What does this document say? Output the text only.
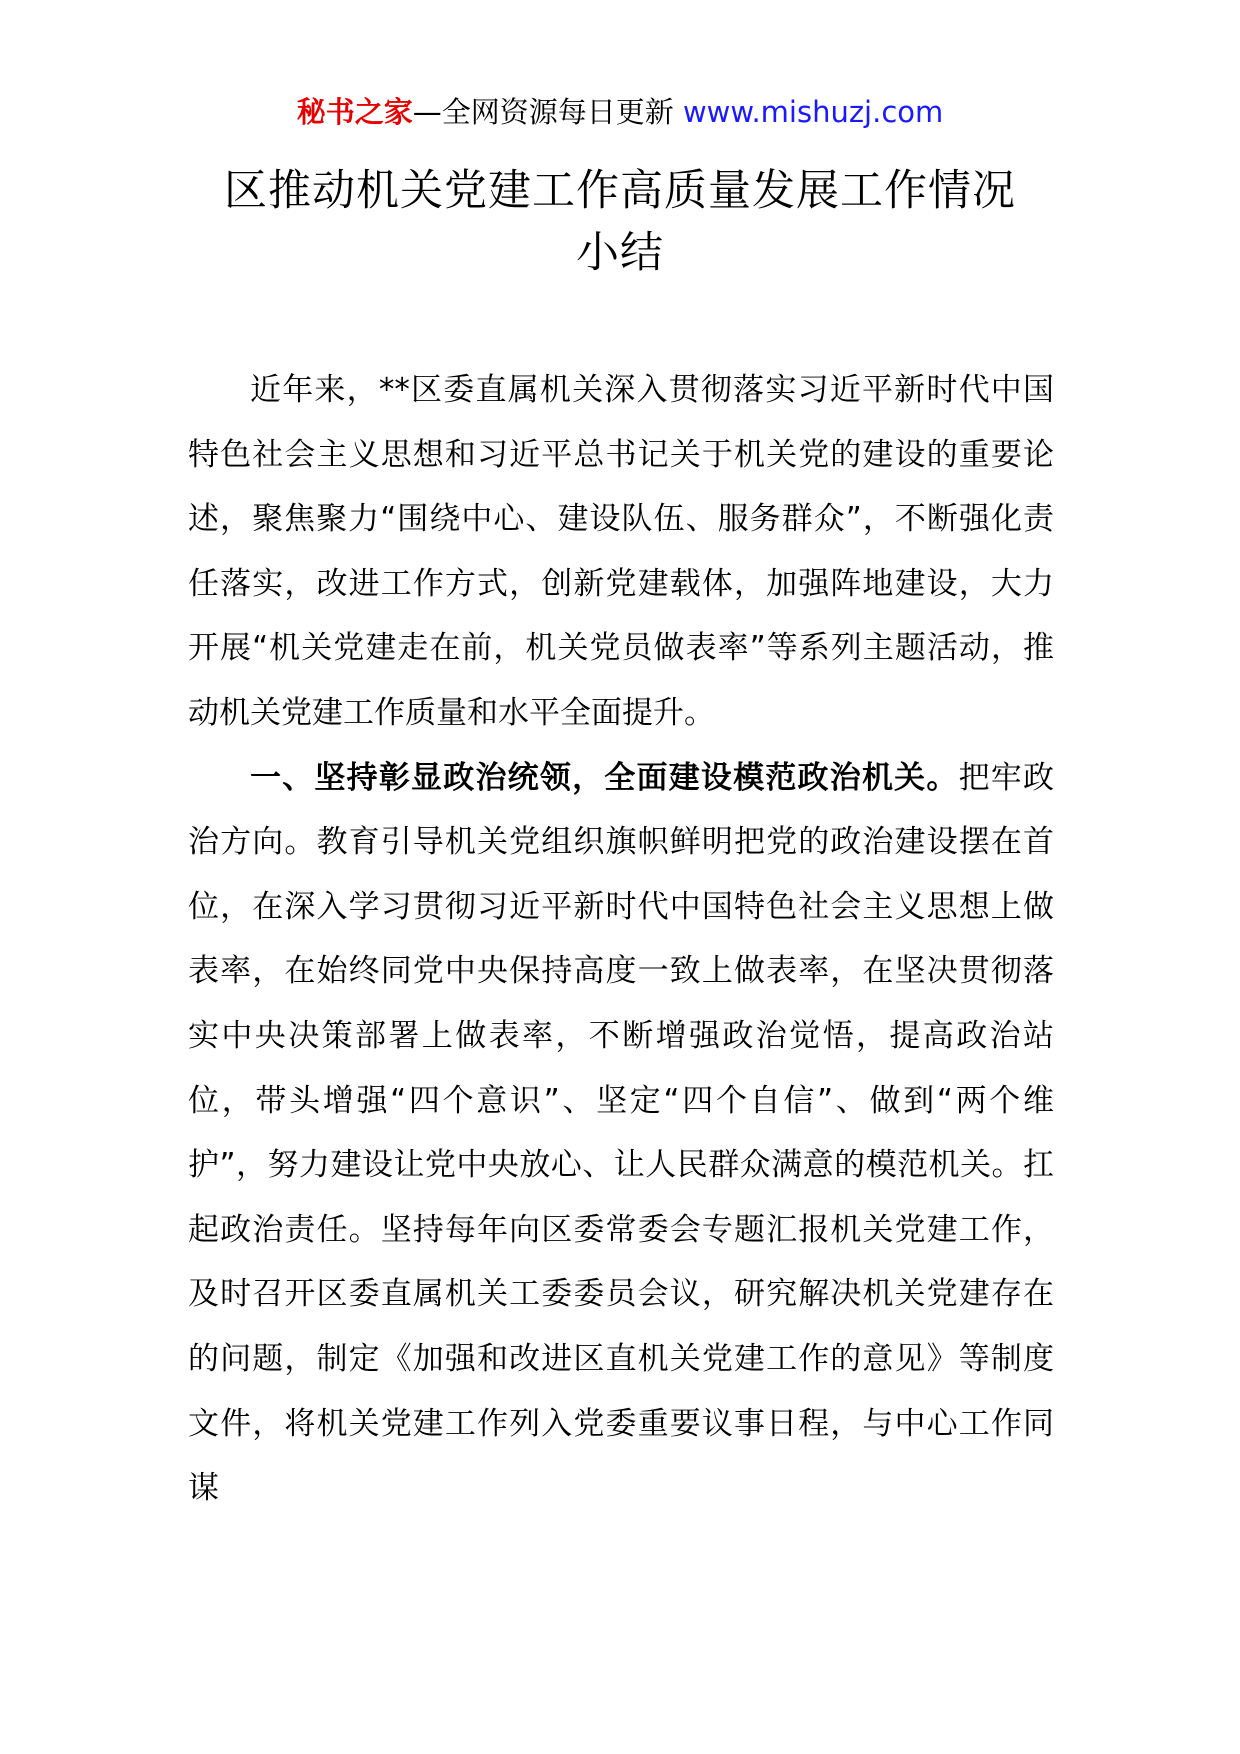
秘书之家—全网资源每日更新 www.mishuzj.com
区推动机关党建工作高质量发展工作情况
小结

近年来，**区委直属机关深入贯彻落实习近平新时代中国特色社会主义思想和习近平总书记关于机关党的建设的重要论述，聚焦聚力“围绕中心、建设队伍、服务群众”，不断强化责任落实，改进工作方式，创新党建载体，加强阵地建设，大力开展“机关党建走在前，机关党员做表率”等系列主题活动，推动机关党建工作质量和水平全面提升。

一、坚持彰显政治统领，全面建设模范政治机关。把牢政治方向。教育引导机关党组织旗帜鲜明把党的政治建设摆在首位，在深入学习贯彻习近平新时代中国特色社会主义思想上做表率，在始终同党中央保持高度一致上做表率，在坚决贯彻落实中央决策部署上做表率，不断增强政治觉悟，提高政治站位，带头增强“四个意识”、坚定“四个自信”、做到“两个维护”，努力建设让党中央放心、让人民群众满意的模范机关。扛起政治责任。坚持每年向区委常委会专题汇报机关党建工作，及时召开区委直属机关工委委员会议，研究解决机关党建存在的问题，制定《加强和改进区直机关党建工作的意见》等制度文件，将机关党建工作列入党委重要议事日程，与中心工作同谋
